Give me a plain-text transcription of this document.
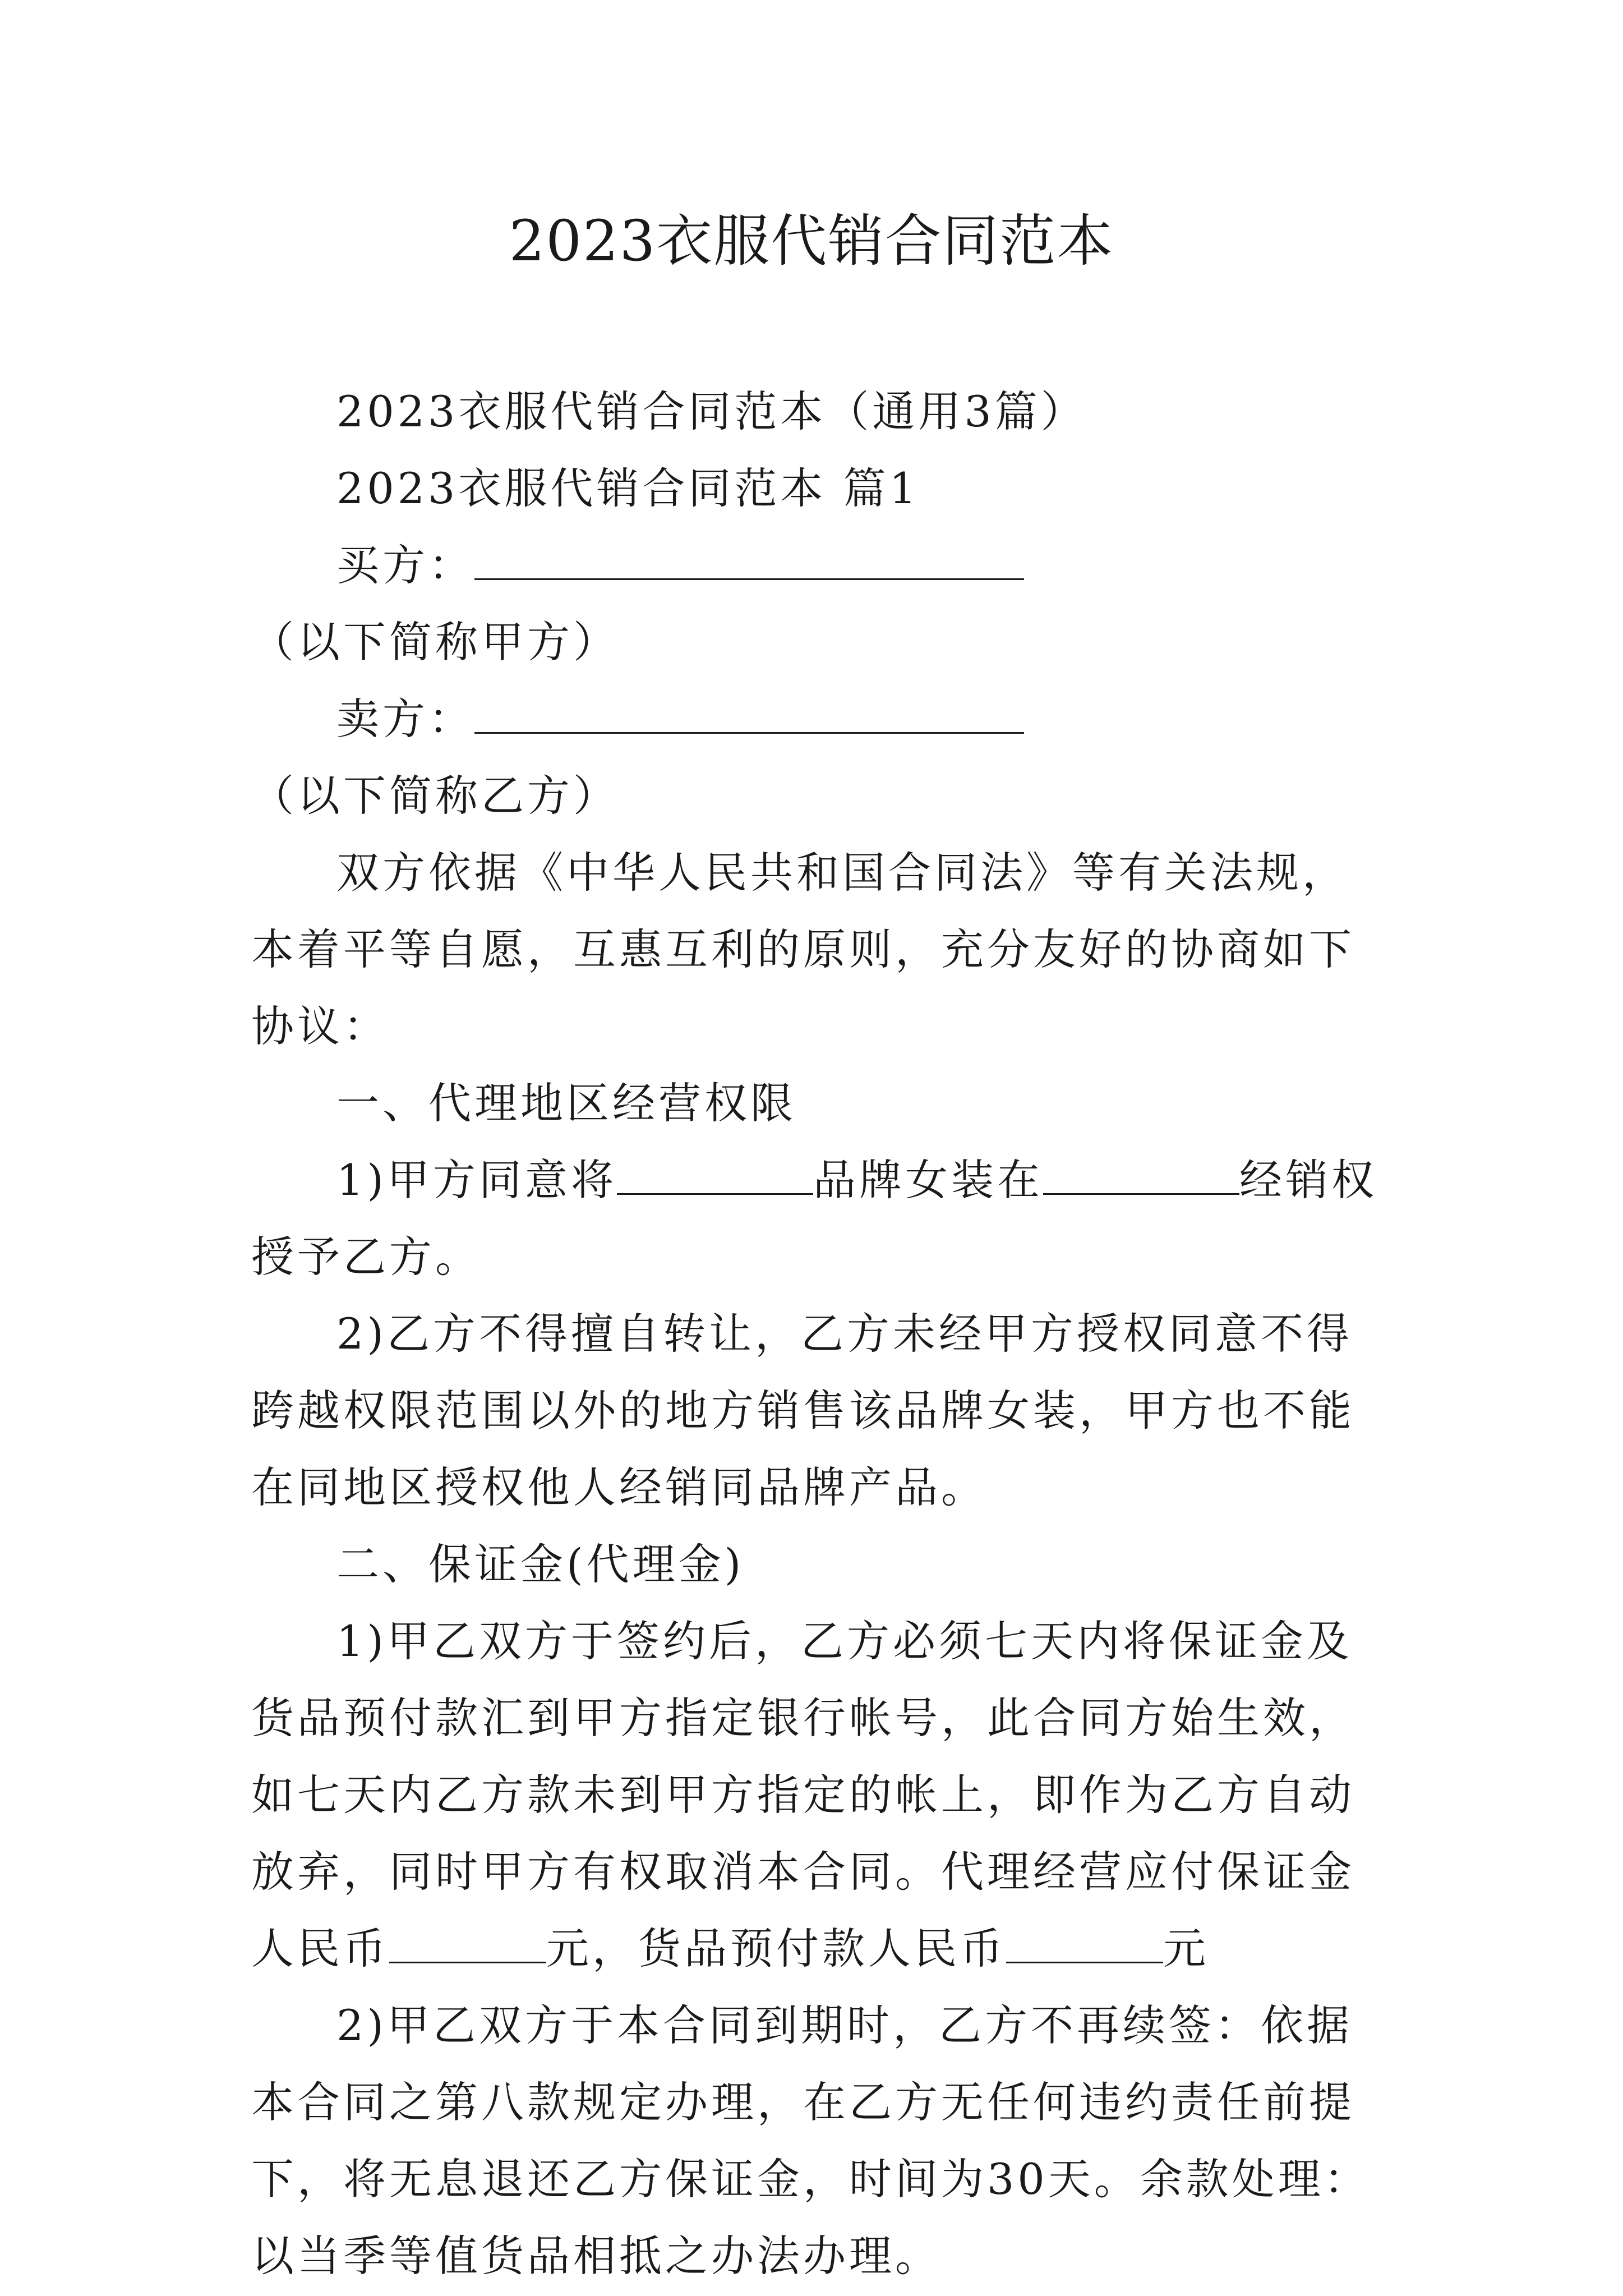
2023衣服代销合同范本

2023衣服代销合同范本（通用3篇）

2023衣服代销合同范本 篇1

买方：（以下简称甲方）

卖方：（以下简称乙方）

双方依据《中华人民共和国合同法》等有关法规，本着平等自愿，互惠互利的原则，充分友好的协商如下协议：

一、代理地区经营权限

1)甲方同意将	品牌女装在	经销权授予乙方。

2)乙方不得擅自转让，乙方未经甲方授权同意不得跨越权限范围以外的地方销售该品牌女装，甲方也不能在同地区授权他人经销同品牌产品。

二、保证金(代理金)

1)甲乙双方于签约后，乙方必须七天内将保证金及货品预付款汇到甲方指定银行帐号，此合同方始生效，如七天内乙方款未到甲方指定的帐上，即作为乙方自动放弃，同时甲方有权取消本合同。代理经营应付保证金人民币	元，货品预付款人民币	元

2)甲乙双方于本合同到期时，乙方不再续签：依据本合同之第八款规定办理，在乙方无任何违约责任前提下，将无息退还乙方保证金，时间为30天。余款处理：以当季等值货品相抵之办法办理。
